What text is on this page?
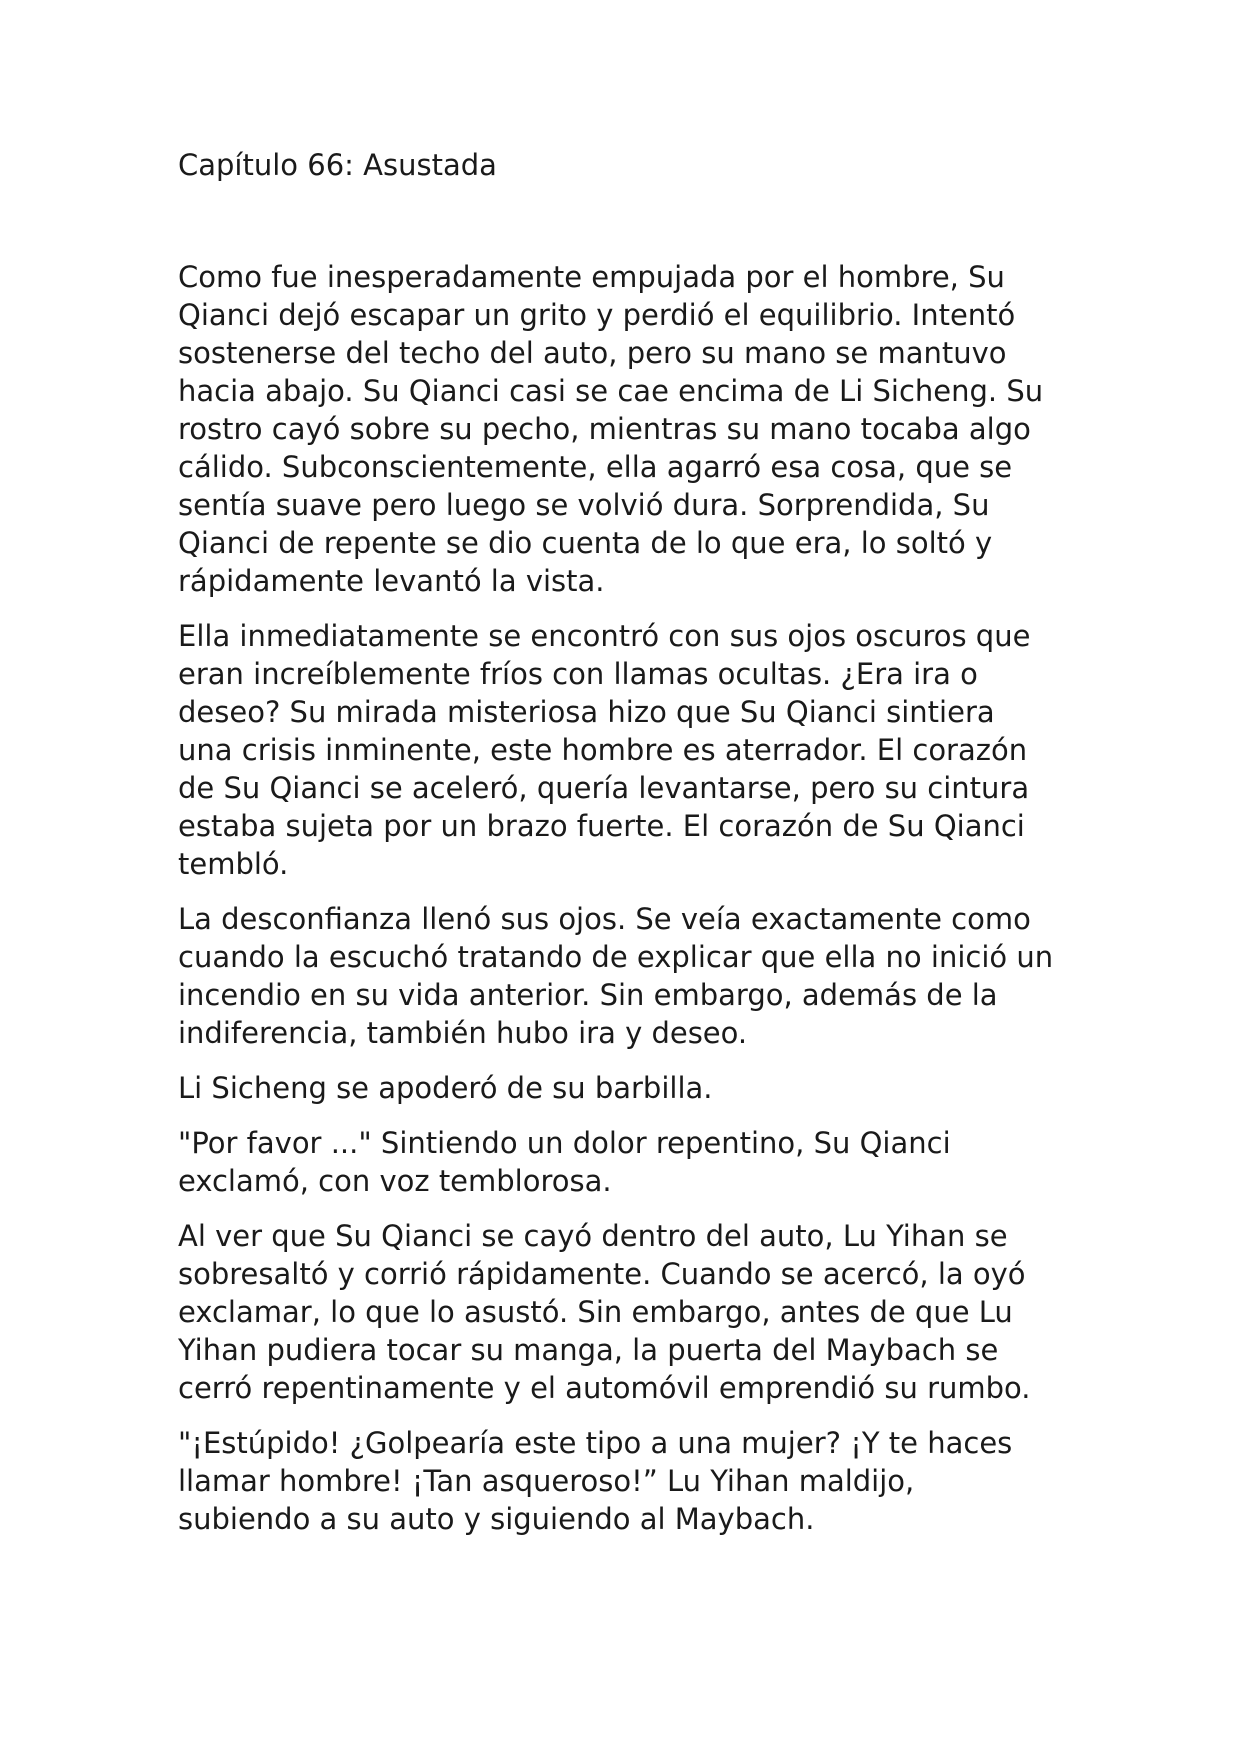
Capítulo 66: Asustada

Como fue inesperadamente empujada por el hombre, Su
Qianci dejó escapar un grito y perdió el equilibrio. Intentó
sostenerse del techo del auto, pero su mano se mantuvo
hacia abajo. Su Qianci casi se cae encima de Li Sicheng. Su
rostro cayó sobre su pecho, mientras su mano tocaba algo
cálido. Subconscientemente, ella agarró esa cosa, que se
sentía suave pero luego se volvió dura. Sorprendida, Su
Qianci de repente se dio cuenta de lo que era, lo soltó y
rápidamente levantó la vista.

Ella inmediatamente se encontró con sus ojos oscuros que
eran increíblemente fríos con llamas ocultas. ¿Era ira o
deseo? Su mirada misteriosa hizo que Su Qianci sintiera
una crisis inminente, este hombre es aterrador. El corazón
de Su Qianci se aceleró, quería levantarse, pero su cintura
estaba sujeta por un brazo fuerte. El corazón de Su Qianci
tembló.

La desconfianza llenó sus ojos. Se veía exactamente como
cuando la escuchó tratando de explicar que ella no inició un
incendio en su vida anterior. Sin embargo, además de la
indiferencia, también hubo ira y deseo.

Li Sicheng se apoderó de su barbilla.

"Por favor ..." Sintiendo un dolor repentino, Su Qianci
exclamó, con voz temblorosa.

Al ver que Su Qianci se cayó dentro del auto, Lu Yihan se
sobresaltó y corrió rápidamente. Cuando se acercó, la oyó
exclamar, lo que lo asustó. Sin embargo, antes de que Lu
Yihan pudiera tocar su manga, la puerta del Maybach se
cerró repentinamente y el automóvil emprendió su rumbo.

"¡Estúpido! ¿Golpearía este tipo a una mujer? ¡Y te haces
llamar hombre! ¡Tan asqueroso!” Lu Yihan maldijo,
subiendo a su auto y siguiendo al Maybach.
